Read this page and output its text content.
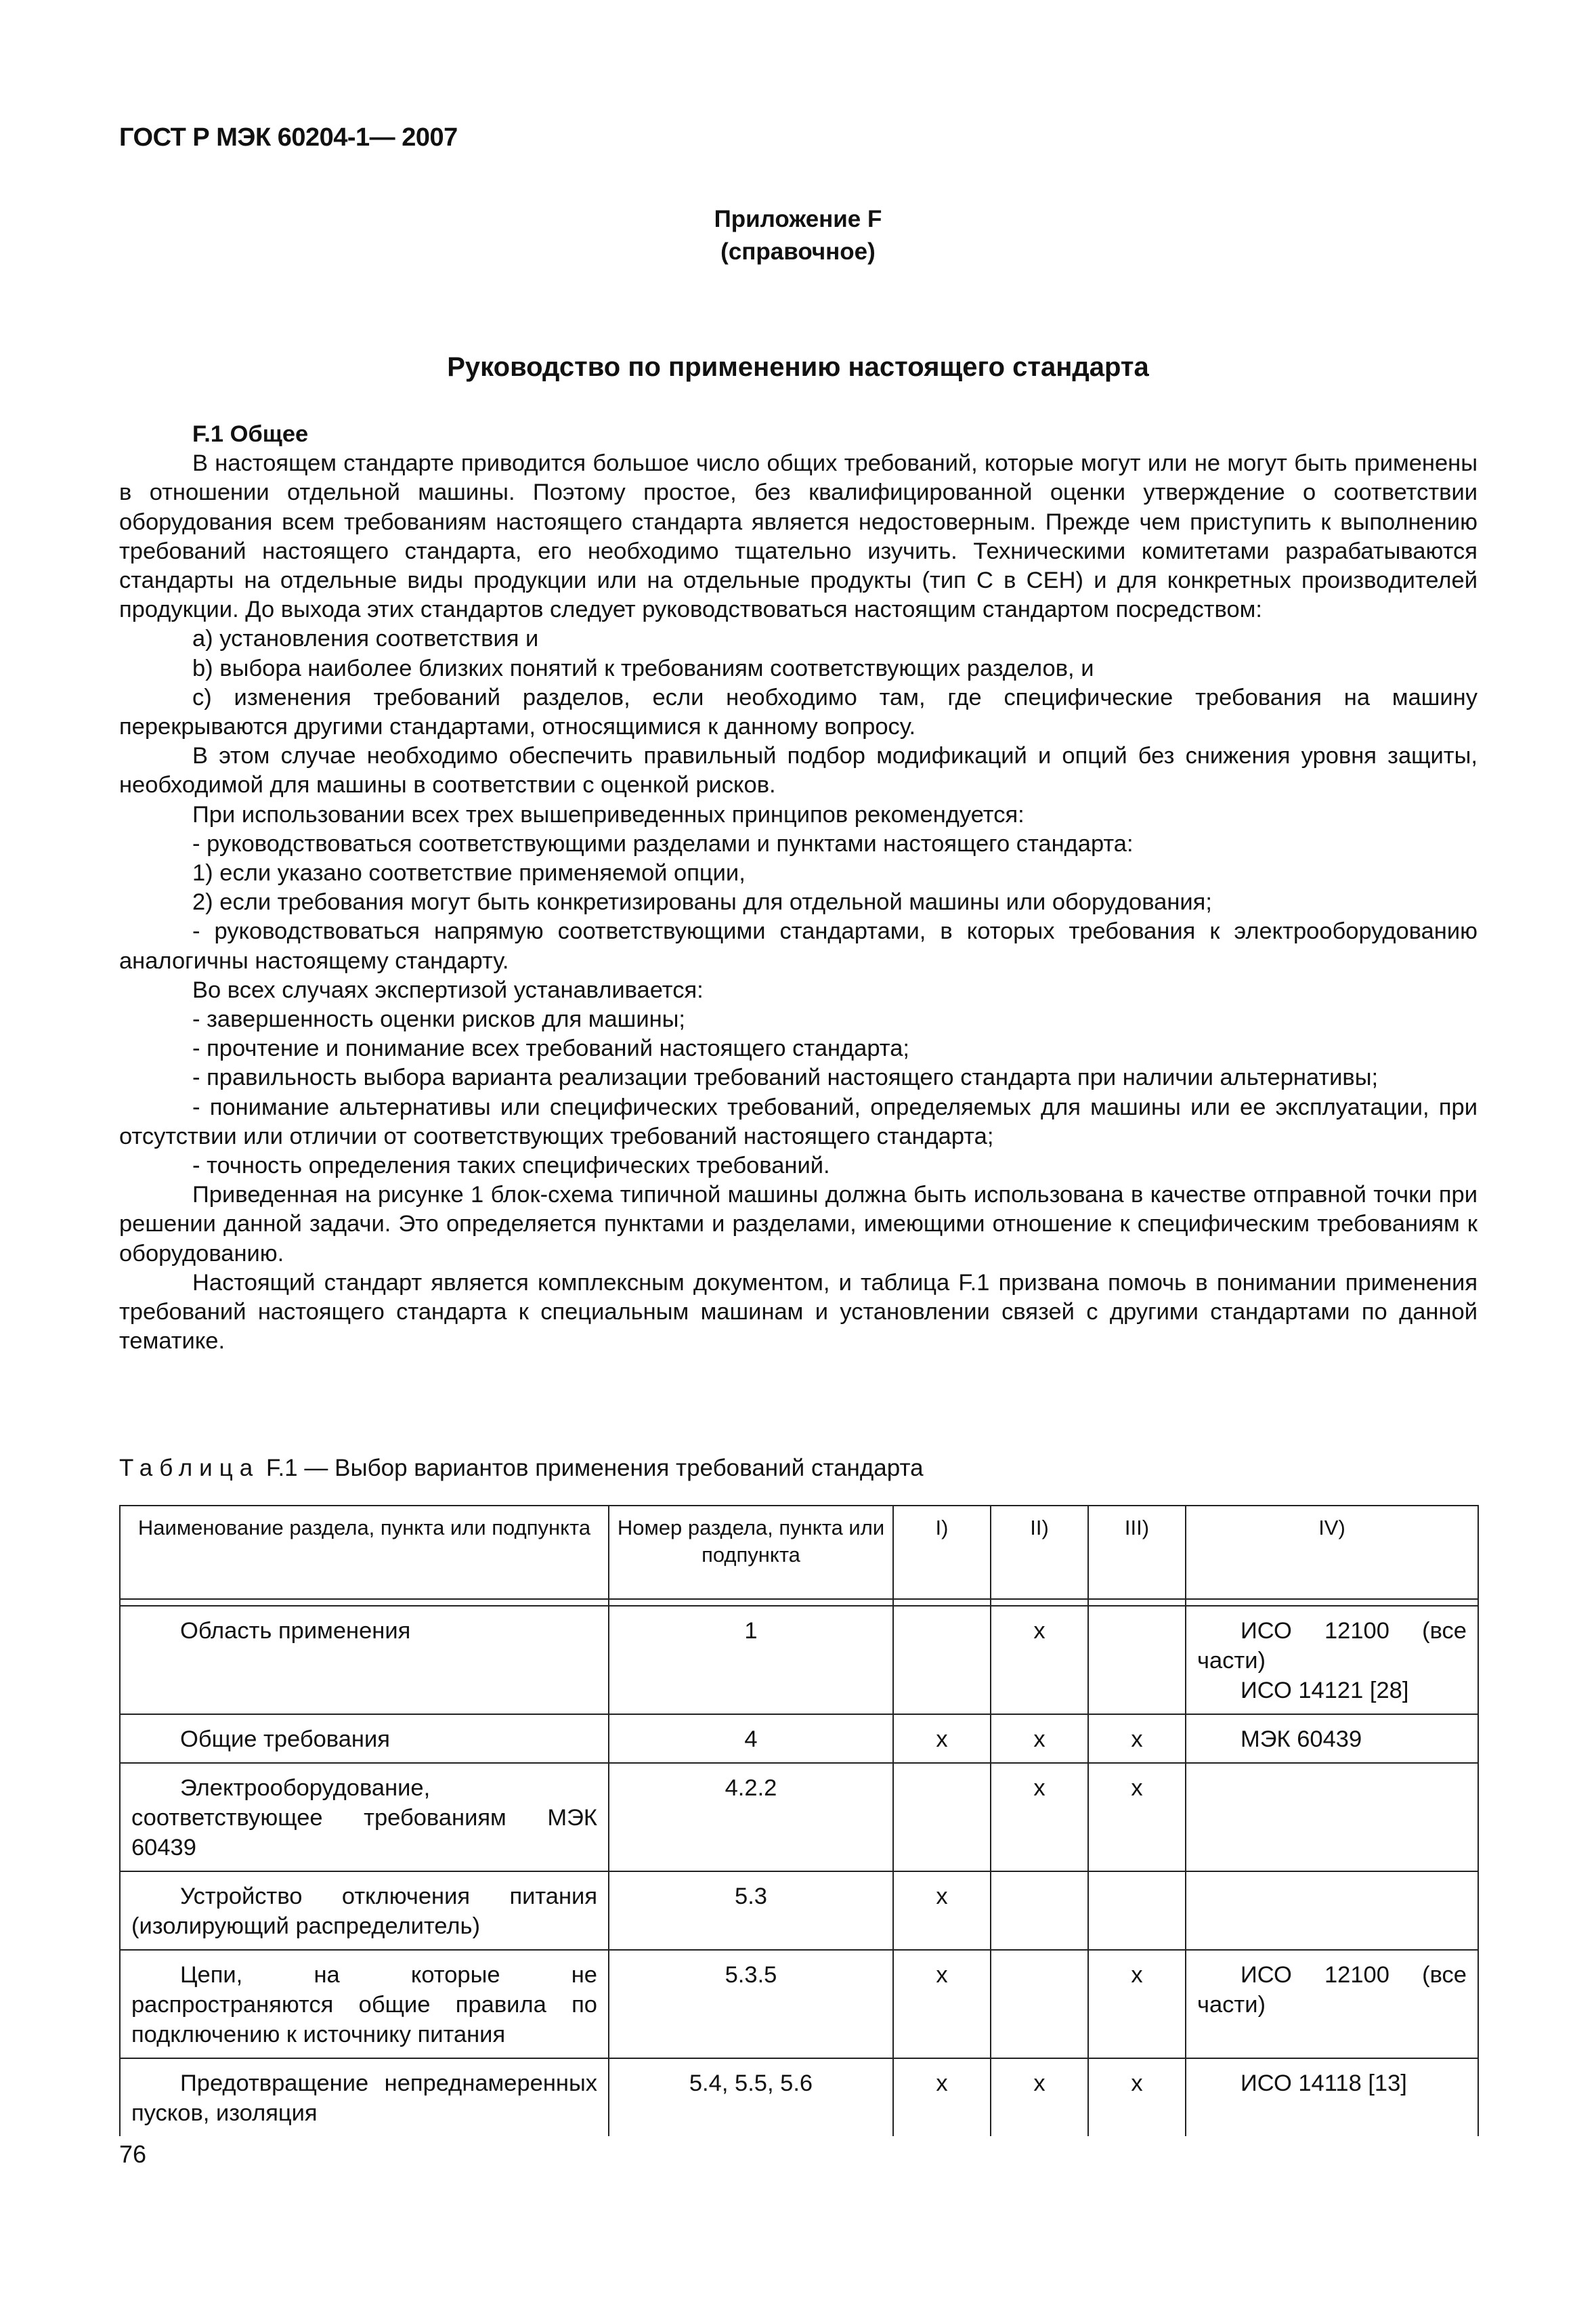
ГОСТ Р МЭК 60204-1— 2007
Приложение F
(справочное)
Руководство по применению настоящего стандарта

F.1 Общее

В настоящем стандарте приводится большое число общих требований, которые могут или не могут быть применены в отношении отдельной машины. Поэтому простое, без квалифицированной оценки утверждение о соответствии оборудования всем требованиям настоящего стандарта является недостоверным. Прежде чем приступить к выполнению требований настоящего стандарта, его необходимо тщательно изучить. Техническими комитетами разрабатываются стандарты на отдельные виды продукции или на отдельные продукты (тип С в СЕН) и для конкретных производителей продукции. До выхода этих стандартов следует руководствоваться настоящим стандартом посредством:

a) установления соответствия и

b) выбора наиболее близких понятий к требованиям соответствующих разделов, и

c) изменения требований разделов, если необходимо там, где специфические требования на машину перекрываются другими стандартами, относящимися к данному вопросу.

В этом случае необходимо обеспечить правильный подбор модификаций и опций без снижения уровня защиты, необходимой для машины в соответствии с оценкой рисков.

При использовании всех трех вышеприведенных принципов рекомендуется:

- руководствоваться соответствующими разделами и пунктами настоящего стандарта:

1) если указано соответствие применяемой опции,

2) если требования могут быть конкретизированы для отдельной машины или оборудования;

- руководствоваться напрямую соответствующими стандартами, в которых требования к электрооборудованию аналогичны настоящему стандарту.

Во всех случаях экспертизой устанавливается:

- завершенность оценки рисков для машины;

- прочтение и понимание всех требований настоящего стандарта;

- правильность выбора варианта реализации требований настоящего стандарта при наличии альтернативы;

- понимание альтернативы или специфических требований, определяемых для машины или ее эксплуатации, при отсутствии или отличии от соответствующих требований настоящего стандарта;

- точность определения таких специфических требований.

Приведенная на рисунке 1 блок-схема типичной машины должна быть использована в качестве отправной точки при решении данной задачи. Это определяется пунктами и разделами, имеющими отношение к специфическим требованиям к оборудованию.

Настоящий стандарт является комплексным документом, и таблица F.1 призвана помочь в понимании применения требований настоящего стандарта к специальным машинам и установлении связей с другими стандартами по данной тематике.

Таблица F.1 — Выбор вариантов применения требований стандарта
Наименование раздела, пункта или подпункта	Номер раздела, пункта или подпункта	I)	II)	III)	IV)

Область применения	1		x		ИСО 12100 (все части)
ИСО 14121 [28]

Общие требования	4	x	x	x	МЭК 60439

Электрооборудование, соответствующее требованиям МЭК 60439	4.2.2		x	x	
Устройство отключения питания (изолирующий распределитель)	5.3	x			
Цепи, на которые не распространяются общие правила по подключению к источнику питания	5.3.5	x		x	ИСО 12100 (все части)

Предотвращение непреднамеренных пусков, изоляция	5.4, 5.5, 5.6	x	x	x	ИСО 14118 [13]
76
